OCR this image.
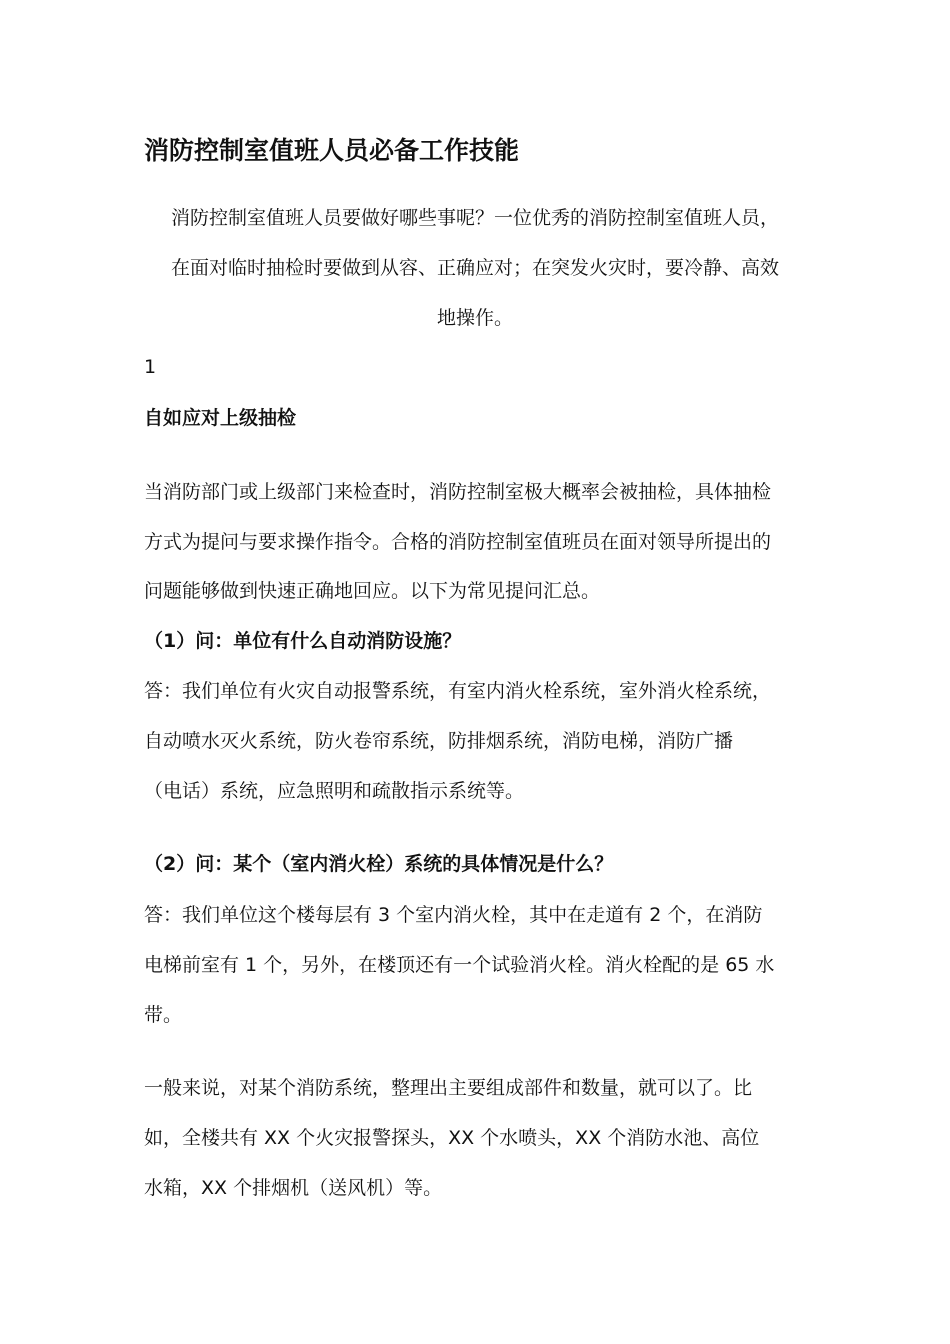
消防控制室值班人员必备工作技能
消防控制室值班人员要做好哪些事呢？一位优秀的消防控制室值班人员，
在面对临时抽检时要做到从容、正确应对；在突发火灾时，要冷静、高效
地操作。
1
自如应对上级抽检
当消防部门或上级部门来检查时，消防控制室极大概率会被抽检，具体抽检
方式为提问与要求操作指令。合格的消防控制室值班员在面对领导所提出的
问题能够做到快速正确地回应。以下为常见提问汇总。
（1）问：单位有什么自动消防设施？
答：我们单位有火灾自动报警系统，有室内消火栓系统，室外消火栓系统，
自动喷水灭火系统，防火卷帘系统，防排烟系统，消防电梯，消防广播
（电话）系统，应急照明和疏散指示系统等。
（2）问：某个（室内消火栓）系统的具体情况是什么？
答：我们单位这个楼每层有 3 个室内消火栓，其中在走道有 2 个，在消防
电梯前室有 1 个，另外，在楼顶还有一个试验消火栓。消火栓配的是 65 水
带。
一般来说，对某个消防系统，整理出主要组成部件和数量，就可以了。比
如，全楼共有 XX 个火灾报警探头，XX 个水喷头，XX 个消防水池、高位
水箱，XX 个排烟机（送风机）等。
